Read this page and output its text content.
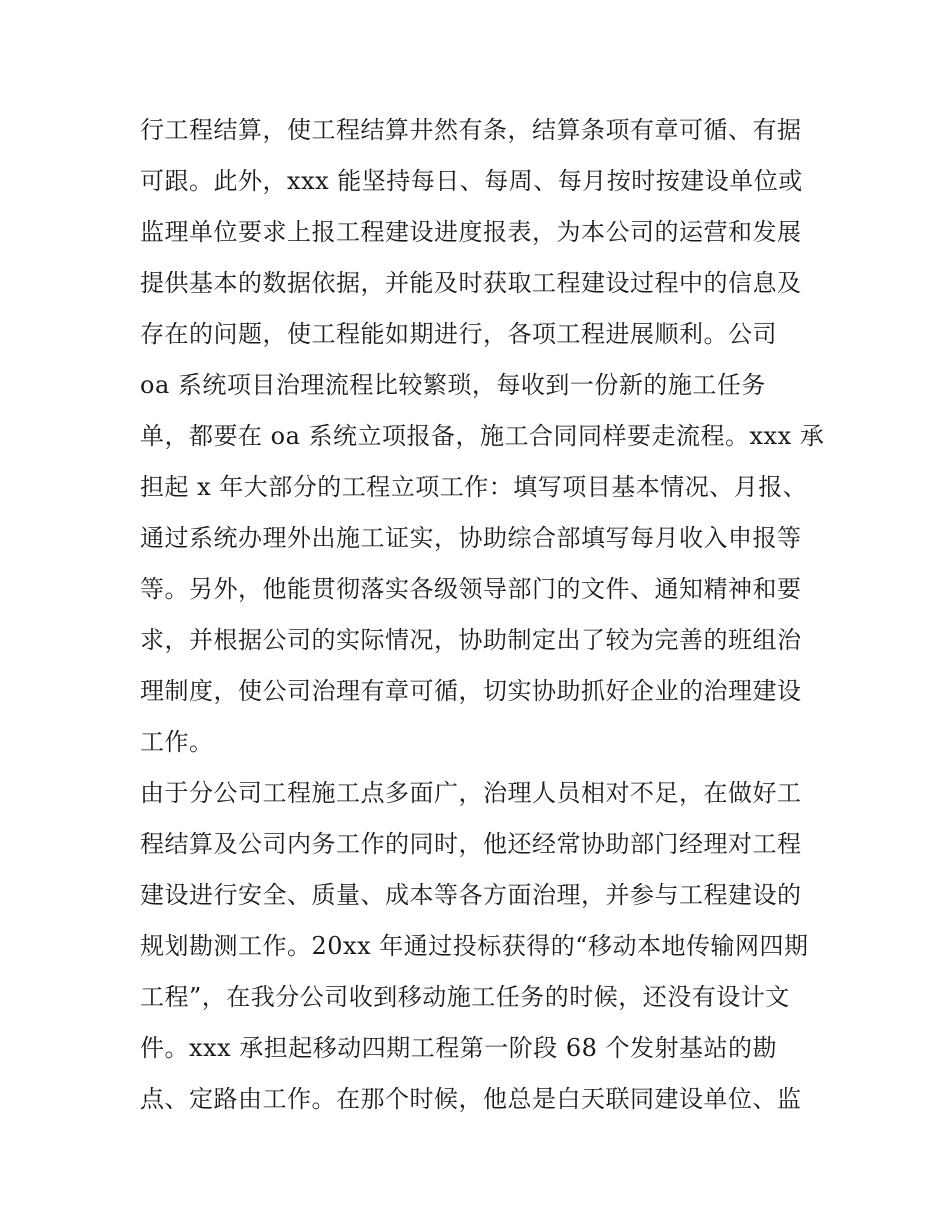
行工程结算，使工程结算井然有条，结算条项有章可循、有据
可跟。此外，xxx 能坚持每日、每周、每月按时按建设单位或
监理单位要求上报工程建设进度报表，为本公司的运营和发展
提供基本的数据依据，并能及时获取工程建设过程中的信息及
存在的问题，使工程能如期进行，各项工程进展顺利。公司
oa 系统项目治理流程比较繁琐，每收到一份新的施工任务
单，都要在 oa 系统立项报备，施工合同同样要走流程。xxx 承
担起 x 年大部分的工程立项工作：填写项目基本情况、月报、
通过系统办理外出施工证实，协助综合部填写每月收入申报等
等。另外，他能贯彻落实各级领导部门的文件、通知精神和要
求，并根据公司的实际情况，协助制定出了较为完善的班组治
理制度，使公司治理有章可循，切实协助抓好企业的治理建设
工作。
由于分公司工程施工点多面广，治理人员相对不足，在做好工
程结算及公司内务工作的同时，他还经常协助部门经理对工程
建设进行安全、质量、成本等各方面治理，并参与工程建设的
规划勘测工作。20xx 年通过投标获得的“移动本地传输网四期
工程”，在我分公司收到移动施工任务的时候，还没有设计文
件。xxx 承担起移动四期工程第一阶段 68 个发射基站的勘
点、定路由工作。在那个时候，他总是白天联同建设单位、监
